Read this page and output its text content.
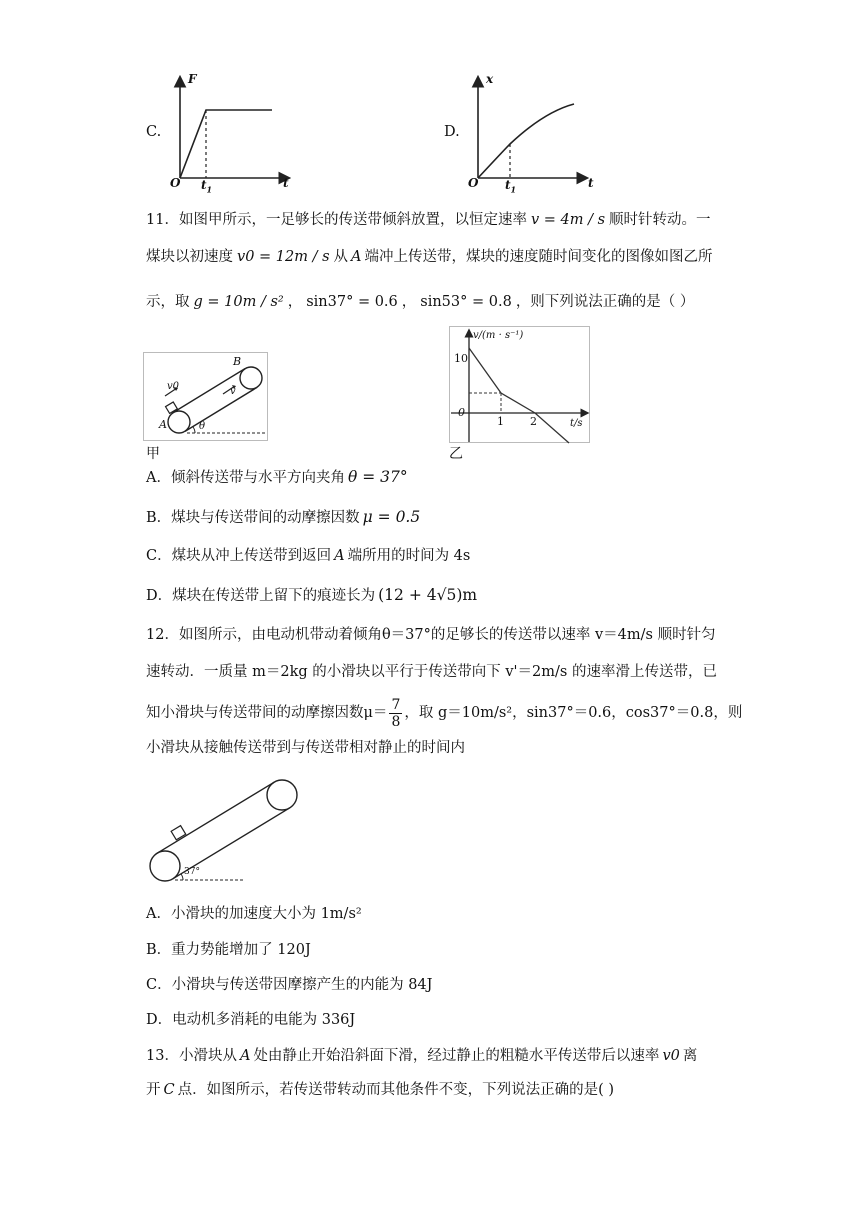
C.
F
O	t
$t_1$
D.
x
O	t
$t_1$
11．如图甲所示，一足够长的传送带倾斜放置，以恒定速率 v = 4m / s 顺时针转动。一
煤块以初速度 v0 = 12m / s 从 A 端冲上传送带，煤块的速度随时间变化的图像如图乙所
示，取 g = 10m / s² ， sin37° = 0.6 ， sin53° = 0.8 ，则下列说法正确的是（ ）
A
B
v0	v
θ
甲
v/(m · s⁻¹)
10
0
1 2	t/s
乙
A．倾斜传送带与水平方向夹角 θ = 37°
B．煤块与传送带间的动摩擦因数 μ = 0.5
C．煤块从冲上传送带到返回 A 端所用的时间为 4s
D．煤块在传送带上留下的痕迹长为 (12 + 4√5)m
12．如图所示，由电动机带动着倾角θ＝37°的足够长的传送带以速率 v＝4m/s 顺时针匀
速转动．一质量 m＝2kg 的小滑块以平行于传送带向下 v'＝2m/s 的速率滑上传送带，已
知小滑块与传送带间的动摩擦因数$\mu= \frac{7}{8}$ ，取 g＝10m/s²，sin37°＝0.6，cos37°＝0.8，则
小滑块从接触传送带到与传送带相对静止的时间内
37°
A．小滑块的加速度大小为 1m/s²
B．重力势能增加了 120J
C．小滑块与传送带因摩擦产生的内能为 84J
D．电动机多消耗的电能为 336J
13．小滑块从 A 处由静止开始沿斜面下滑，经过静止的粗糙水平传送带后以速率 v0 离
开 C 点．如图所示，若传送带转动而其他条件不变，下列说法正确的是( )
